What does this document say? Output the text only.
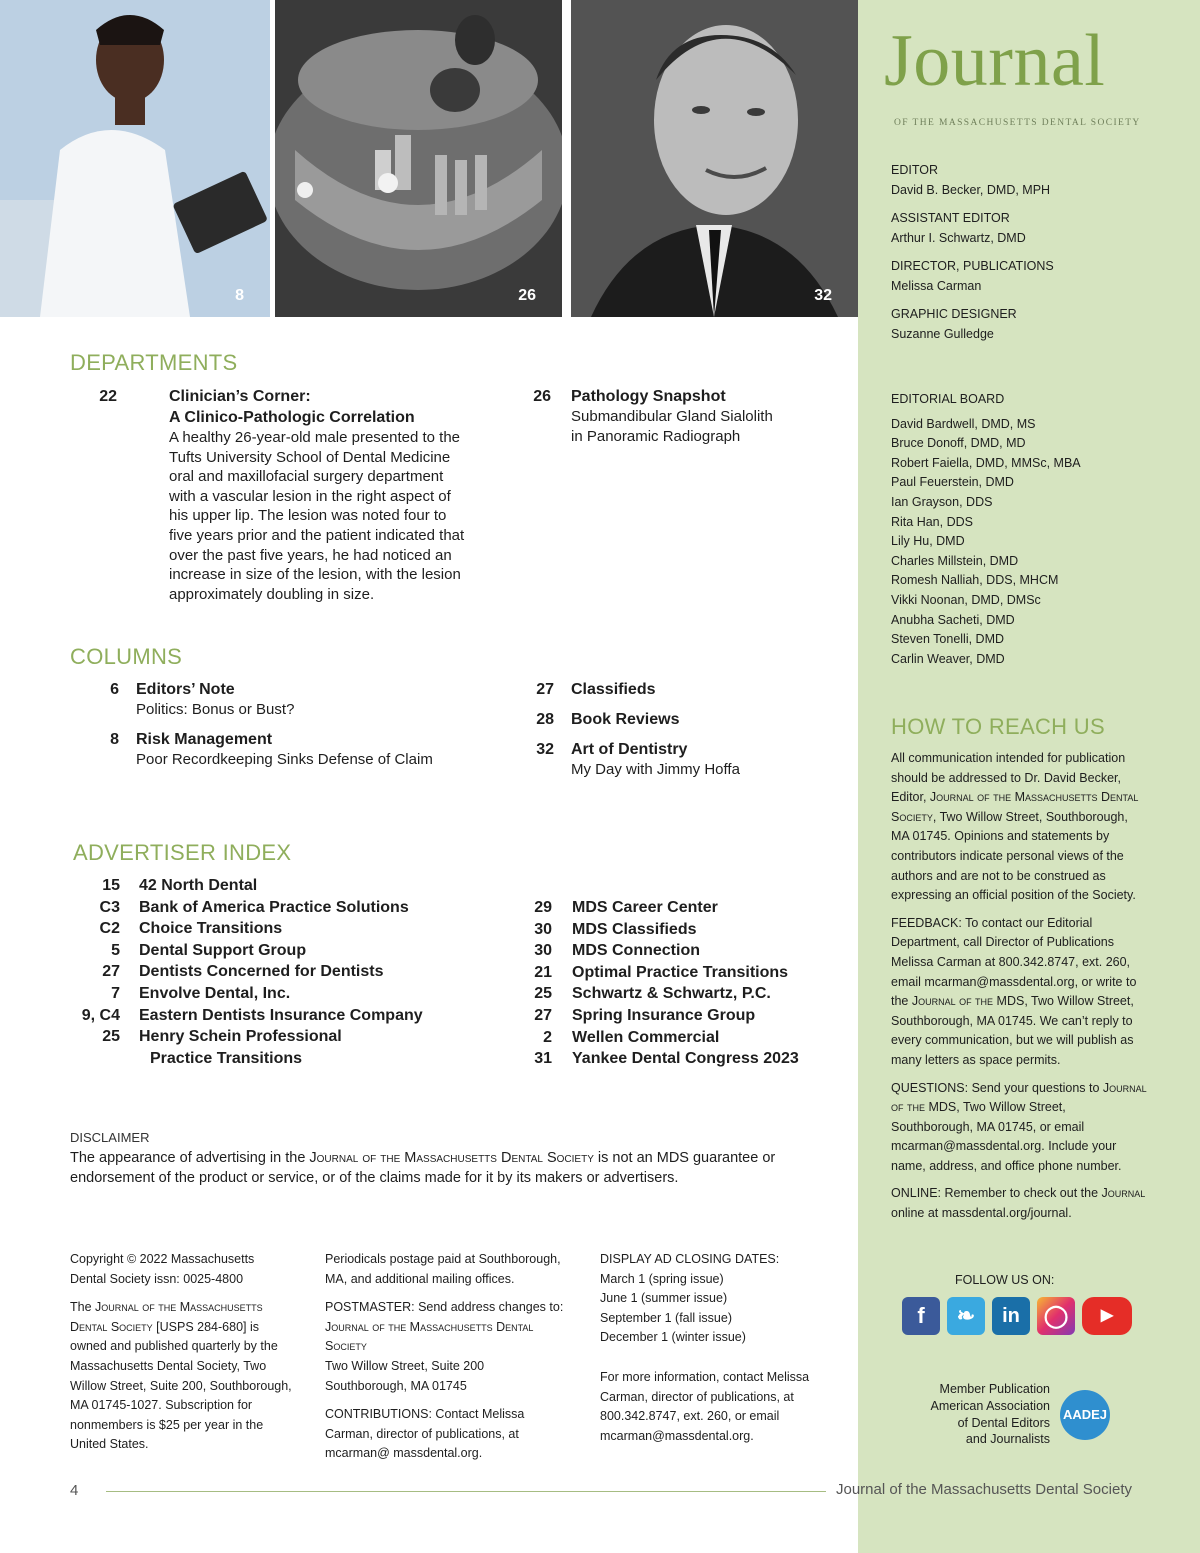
8	26	32
Journal
OF THE MASSACHUSETTS DENTAL SOCIETY
EDITOR
David B. Becker, DMD, MPH
ASSISTANT EDITOR
Arthur I. Schwartz, DMD
DIRECTOR, PUBLICATIONS
Melissa Carman
GRAPHIC DESIGNER
Suzanne Gulledge
EDITORIAL BOARD
David Bardwell, DMD, MS
Bruce Donoff, DMD, MD
Robert Faiella, DMD, MMSc, MBA
Paul Feuerstein, DMD
Ian Grayson, DDS
Rita Han, DDS
Lily Hu, DMD
Charles Millstein, DMD
Romesh Nalliah, DDS, MHCM
Vikki Noonan, DMD, DMSc
Anubha Sacheti, DMD
Steven Tonelli, DMD
Carlin Weaver, DMD
HOW TO REACH US

All communication intended for publication should be addressed to Dr. David Becker, Editor, Journal of the Massachusetts Dental Society, Two Willow Street, Southborough, MA 01745. Opinions and statements by contributors indicate personal views of the authors and are not to be construed as expressing an official position of the Society.

FEEDBACK: To contact our Editorial Department, call Director of Publications Melissa Carman at 800.342.8747, ext. 260, email mcarman@massdental.org, or write to the Journal of the MDS, Two Willow Street, Southborough, MA 01745. We can’t reply to every communication, but we will publish as many letters as space permits.

QUESTIONS: Send your questions to Journal of the MDS, Two Willow Street, Southborough, MA 01745, or email mcarman@massdental.org. Include your name, address, and office phone number.

ONLINE: Remember to check out the Journal online at massdental.org/journal.

FOLLOW US ON:
f	❧	in	◯	▶
Member Publication
American Association
of Dental Editors
and Journalists
AADEJ
DEPARTMENTS
22	Clinician’s Corner:
A Clinico-Pathologic Correlation
A healthy 26-year-old male presented to the Tufts University School of Dental Medicine oral and maxillofacial surgery department with a vascular lesion in the right aspect of his upper lip. The lesion was noted four to five years prior and the patient indicated that over the past five years, he had noticed an increase in size of the lesion, with the lesion approximately doubling in size.
26 Pathology Snapshot
Submandibular Gland Sialolith
in Panoramic Radiograph
COLUMNS
6 Editors’ Note
Politics: Bonus or Bust?
8 Risk Management
Poor Recordkeeping Sinks Defense of Claim
27 Classifieds
28 Book Reviews
32 Art of Dentistry
My Day with Jimmy Hoffa
ADVERTISER INDEX
15 42 North Dental
C3 Bank of America Practice Solutions
C2 Choice Transitions
5 Dental Support Group
27 Dentists Concerned for Dentists
7 Envolve Dental, Inc.
9, C4 Eastern Dentists Insurance Company
25 Henry Schein Professional
Practice Transitions
29 MDS Career Center
30 MDS Classifieds
30 MDS Connection
21 Optimal Practice Transitions
25 Schwartz & Schwartz, P.C.
27 Spring Insurance Group
2 Wellen Commercial
31 Yankee Dental Congress 2023
DISCLAIMER
The appearance of advertising in the Journal of the Massachusetts Dental Society is not an MDS guarantee or endorsement of the product or service, or of the claims made for it by its makers or advertisers.

Copyright © 2022 Massachusetts Dental Society issn: 0025-4800

The Journal of the Massachusetts Dental Society [USPS 284-680] is owned and published quarterly by the Massachusetts Dental Society, Two Willow Street, Suite 200, Southborough, MA 01745-1027. Subscription for nonmembers is $25 per year in the United States.

Periodicals postage paid at Southborough, MA, and additional mailing offices.

POSTMASTER: Send address changes to:
Journal of the Massachusetts Dental Society
Two Willow Street, Suite 200
Southborough, MA 01745

CONTRIBUTIONS: Contact Melissa Carman, director of publications, at mcarman@ massdental.org.

DISPLAY AD CLOSING DATES:
March 1 (spring issue)
June 1 (summer issue)
September 1 (fall issue)
December 1 (winter issue)
For more information, contact Melissa Carman, director of publications, at 800.342.8747, ext. 260, or email mcarman@massdental.org.
4	Journal of the Massachusetts Dental Society
